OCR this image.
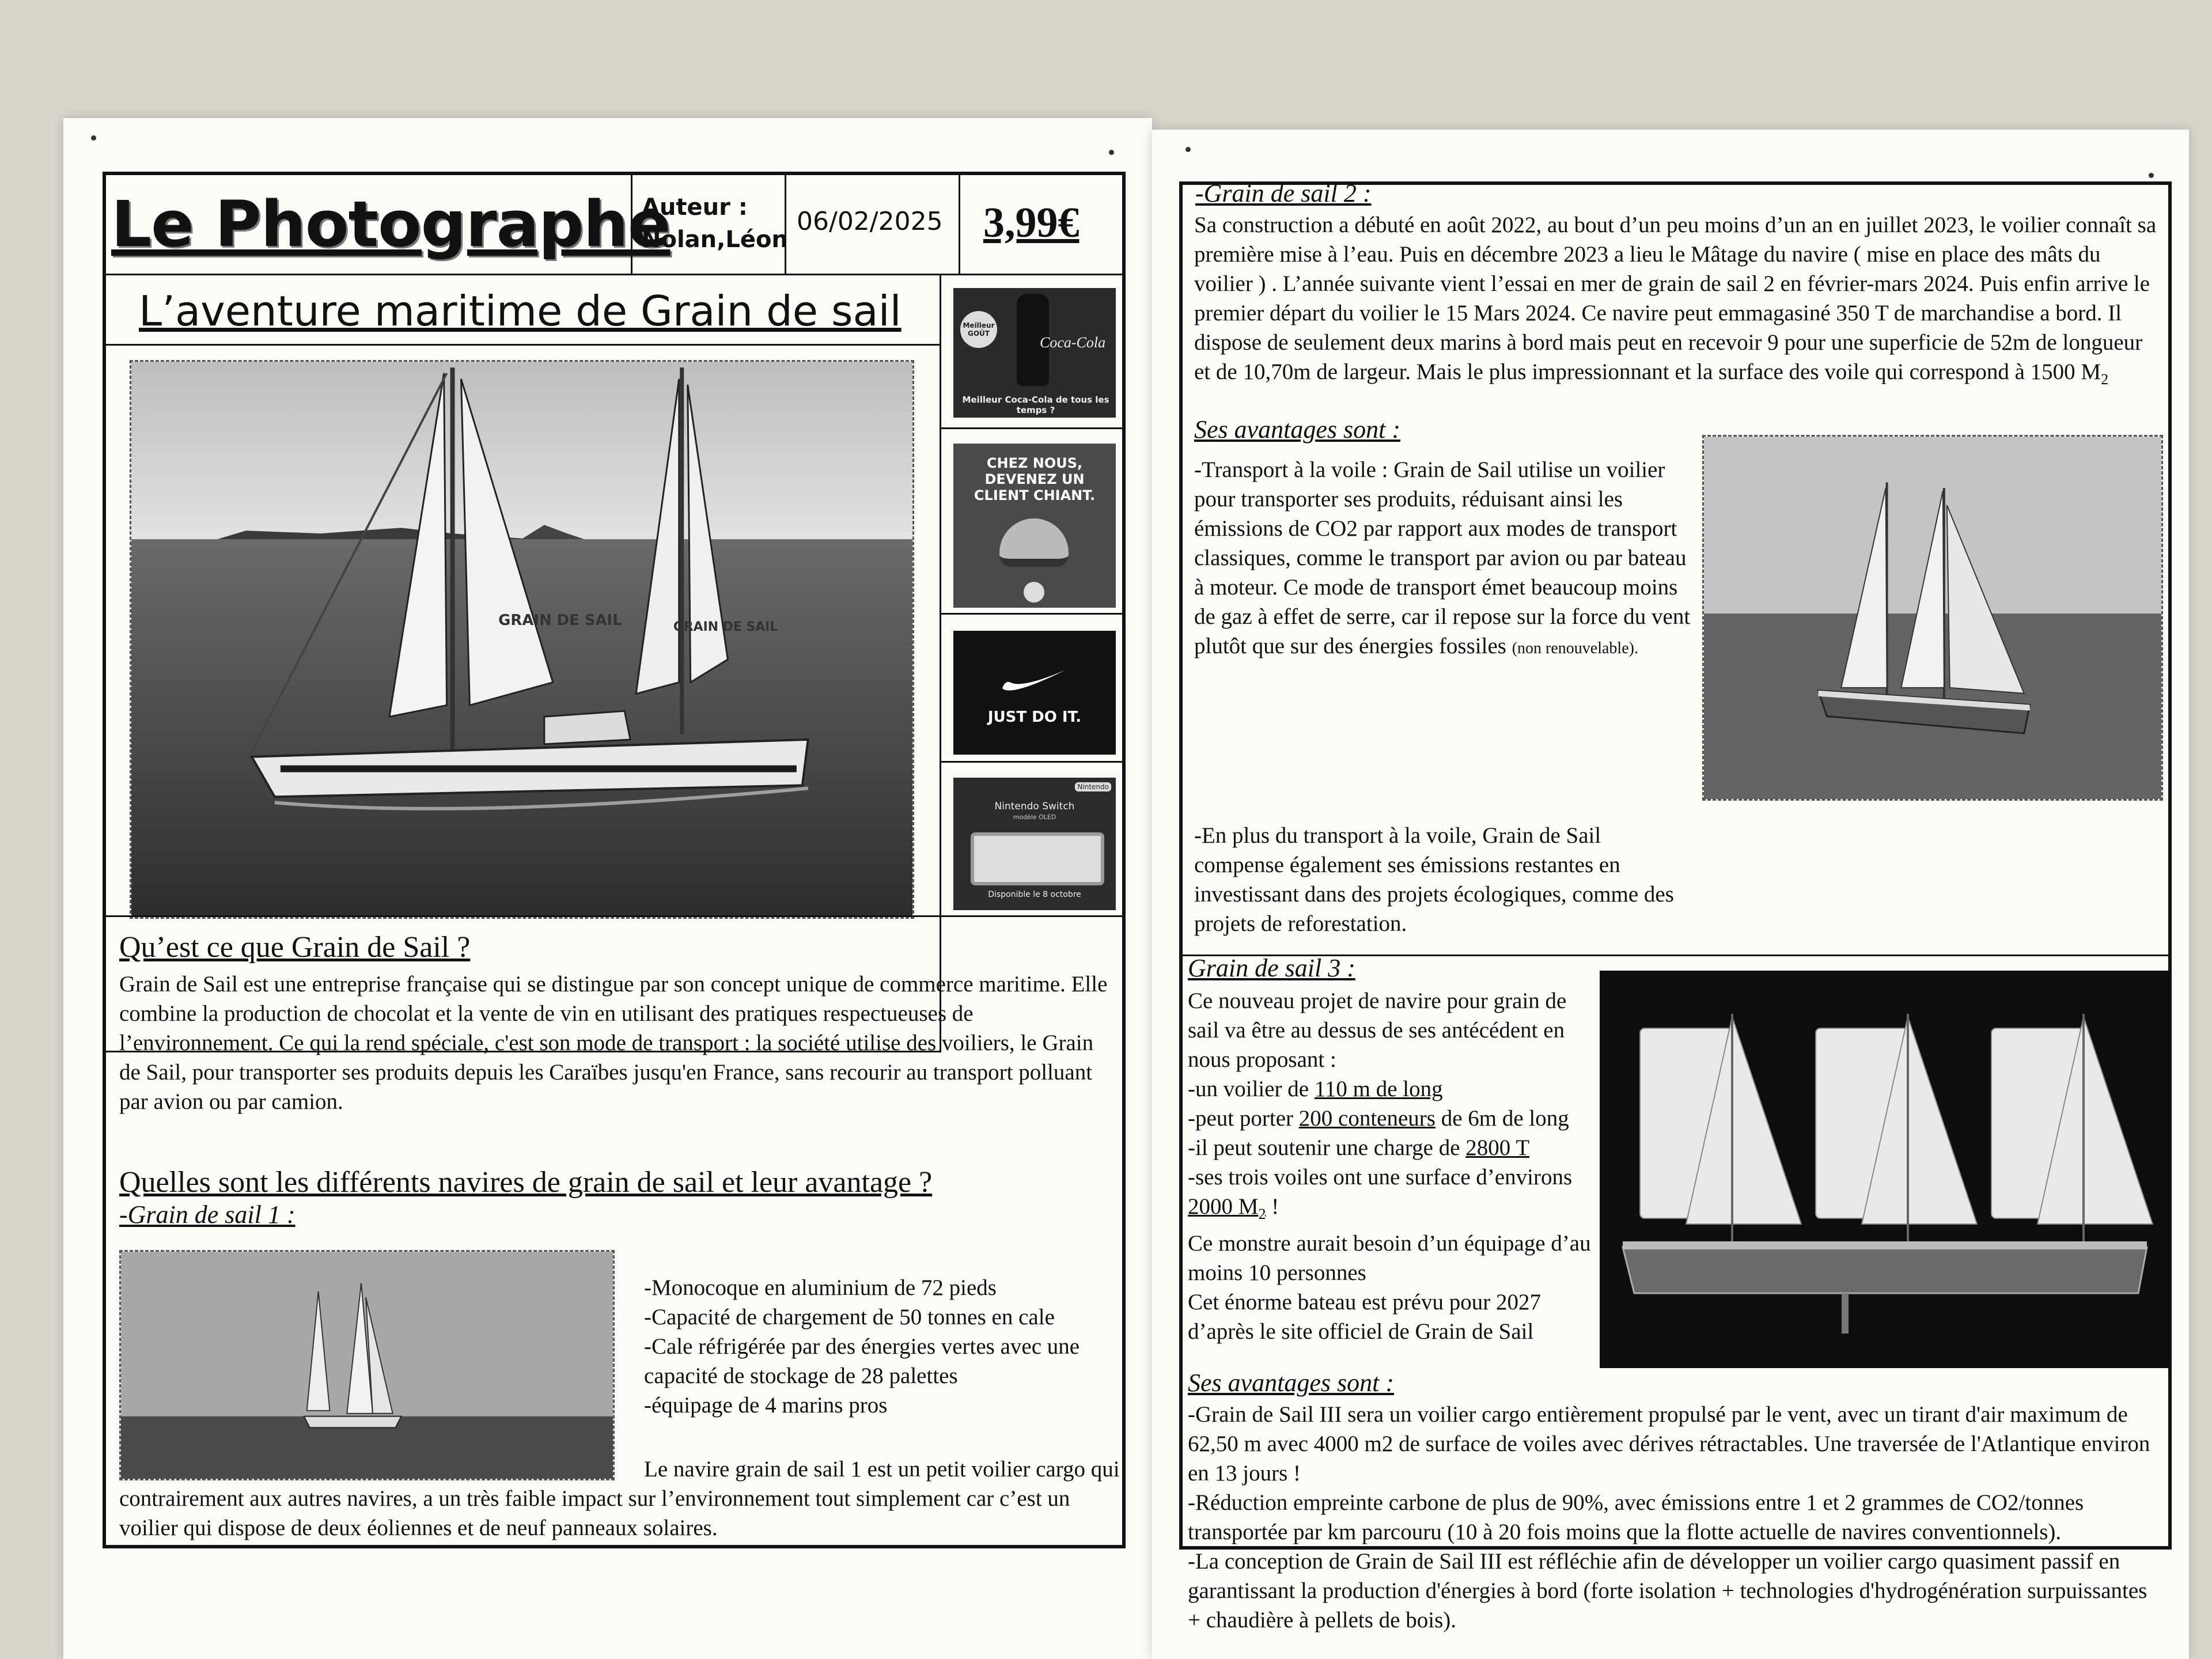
Le Photographe
Auteur :
Nolan,Léon
06/02/2025 3,99€
L’aventure maritime de Grain de sail
GRAIN DE SAIL	GRAIN DE SAIL
Meilleur GOÛT
Coca-Cola
Meilleur Coca-Cola de tous les temps ?
CHEZ NOUS, DEVENEZ UN CLIENT CHIANT.
JUST DO IT.
Nintendo
Nintendo Switch
modèle OLED
Disponible le 8 octobre

Qu’est ce que Grain de Sail ?

Grain de Sail est une entreprise française qui se distingue par son concept unique de commerce maritime. Elle combine la production de chocolat et la vente de vin en utilisant des pratiques respectueuses de l’environnement. Ce qui la rend spéciale, c'est son mode de transport : la société utilise des voiliers, le Grain de Sail, pour transporter ses produits depuis les Caraïbes jusqu'en France, sans recourir au transport polluant par avion ou par camion.

Quelles sont les différents navires de grain de sail et leur avantage ?

-Grain de sail 1 :

-Monocoque en aluminium de 72 pieds
-Capacité de chargement de 50 tonnes en cale
-Cale réfrigérée par des énergies vertes avec une capacité de stockage de 28 palettes
-équipage de 4 marins pros

Le navire grain de sail 1 est un petit voilier cargo qui contrairement aux autres navires, a un très faible impact sur l’environnement tout simplement car c’est un voilier qui dispose de deux éoliennes et de neuf panneaux solaires.

-Grain de sail 2 :

Sa construction a débuté en août 2022, au bout d’un peu moins d’un an en juillet 2023, le voilier connaît sa première mise à l’eau. Puis en décembre 2023 a lieu le Mâtage du navire ( mise en place des mâts du voilier ) . L’année suivante vient l’essai en mer de grain de sail 2 en février-mars 2024. Puis enfin arrive le premier départ du voilier le 15 Mars 2024. Ce navire peut emmagasiné 350 T de marchandise a bord. Il dispose de seulement deux marins à bord mais peut en recevoir 9 pour une superficie de 52m de longueur et de 10,70m de largeur. Mais le plus impressionnant et la surface des voile qui correspond à 1500 $M_2$

Ses avantages sont :

-Transport à la voile : Grain de Sail utilise un voilier pour transporter ses produits, réduisant ainsi les émissions de CO2 par rapport aux modes de transport classiques, comme le transport par avion ou par bateau à moteur. Ce mode de transport émet beaucoup moins de gaz à effet de serre, car il repose sur la force du vent plutôt que sur des énergies fossiles (non renouvelable).

-En plus du transport à la voile, Grain de Sail compense également ses émissions restantes en investissant dans des projets écologiques, comme des projets de reforestation.

Grain de sail 3 :

Ce nouveau projet de navire pour grain de sail va être au dessus de ses antécédent en nous proposant :
-un voilier de 110 m de long
-peut porter 200 conteneurs de 6m de long
-il peut soutenir une charge de 2800 T
-ses trois voiles ont une surface d’environs 2000 $M_2$ !
Ce monstre aurait besoin d’un équipage d’au moins 10 personnes
Cet énorme bateau est prévu pour 2027 d’après le site officiel de Grain de Sail

Ses avantages sont :

-Grain de Sail III sera un voilier cargo entièrement propulsé par le vent, avec un tirant d'air maximum de 62,50 m avec 4000 m2 de surface de voiles avec dérives rétractables. Une traversée de l'Atlantique environ en 13 jours !
-Réduction empreinte carbone de plus de 90%, avec émissions entre 1 et 2 grammes de CO2/tonnes transportée par km parcouru (10 à 20 fois moins que la flotte actuelle de navires conventionnels).
-La conception de Grain de Sail III est réfléchie afin de développer un voilier cargo quasiment passif en garantissant la production d'énergies à bord (forte isolation + technologies d'hydrogénération surpuissantes + chaudière à pellets de bois).
